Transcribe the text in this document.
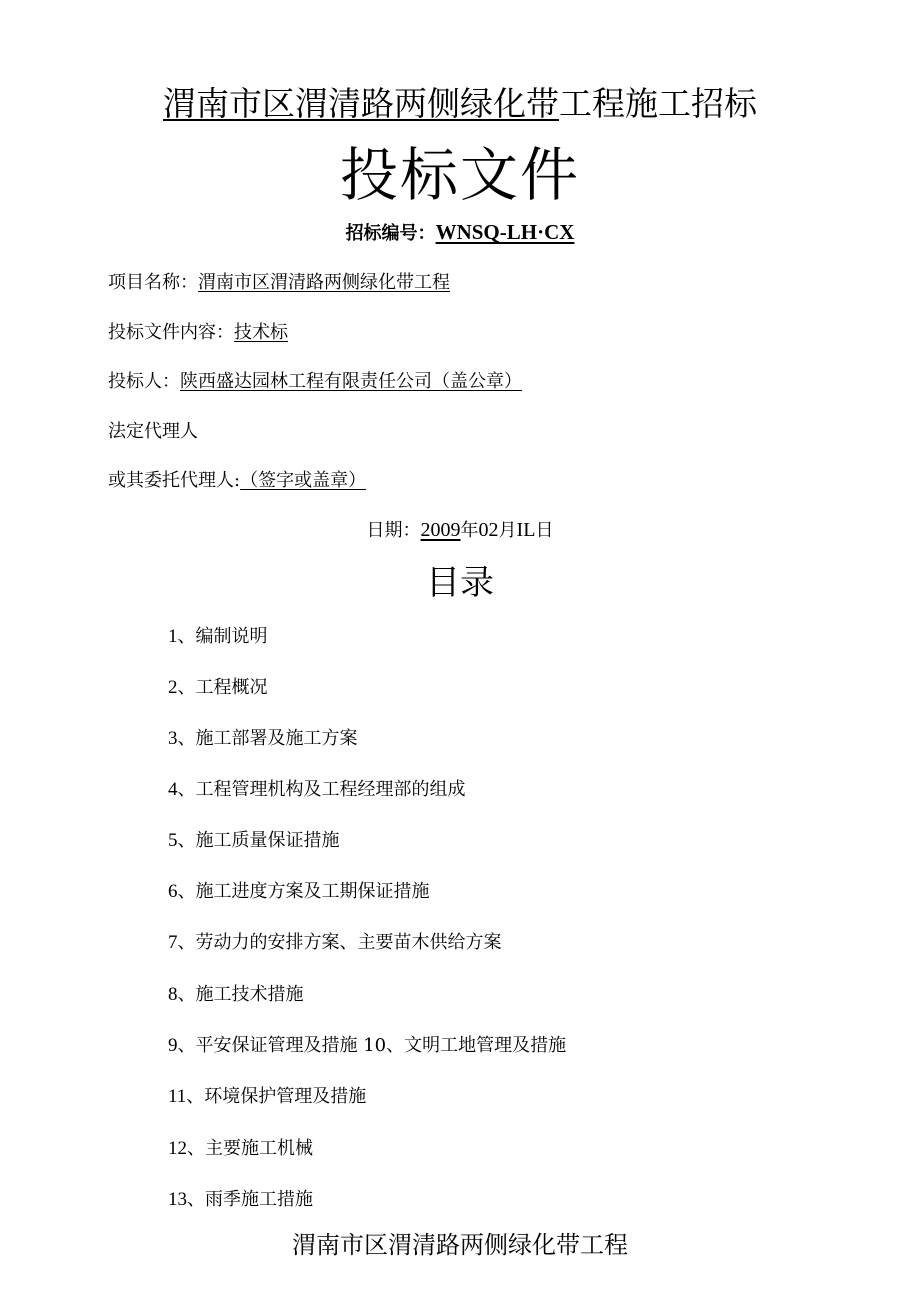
渭南市区渭清路两侧绿化带工程施工招标
投标文件
招标编号：WNSQ-LH·CX
项目名称：渭南市区渭清路两侧绿化带工程
投标文件内容：技术标
投标人：陕西盛达园林工程有限责任公司（盖公章）
法定代理人
或其委托代理人:（签字或盖章）
日期：2009年02月IL日
目录
1、编制说明
2、工程概况
3、施工部署及施工方案
4、工程管理机构及工程经理部的组成
5、施工质量保证措施
6、施工进度方案及工期保证措施
7、劳动力的安排方案、主要苗木供给方案
8、施工技术措施
9、平安保证管理及措施 10、文明工地管理及措施
11、环境保护管理及措施
12、主要施工机械
13、雨季施工措施
渭南市区渭清路两侧绿化带工程
